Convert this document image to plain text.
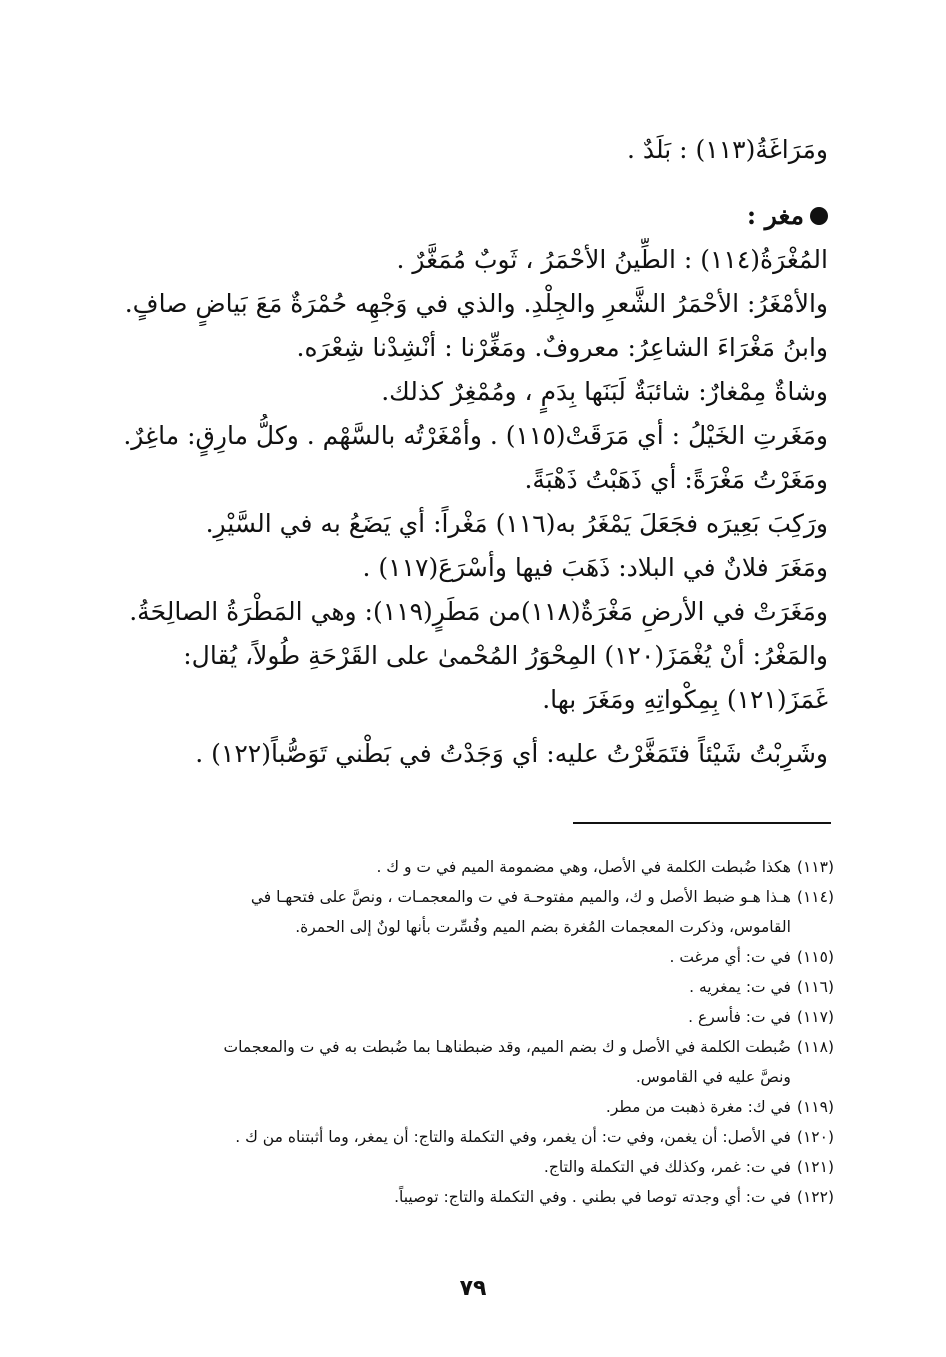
ومَرَاغَةُ(١١٣) : بَلَدٌ .
مغر :
المُغْرَةُ(١١٤) : الطِّينُ الأحْمَرُ ، ثَوبٌ مُمَغَّرٌ .
والأمْغَرُ: الأحْمَرُ الشَّعرِ والجِلْدِ. والذي في وَجْهِه حُمْرَةٌ مَعَ بَياضٍ صافٍ.
وابنُ مَغْرَاءَ الشاعِرُ: معروفٌ. ومَغِّرْنا : أنْشِدْنا شِعْرَه.
وشاةٌ مِمْغارٌ: شائبَةٌ لَبَنَها بِدَمٍ ، ومُمْغِرٌ كذلك.
ومَغَرتِ الخَيْلُ : أي مَرَقَتْ(١١٥) . وأمْغَرْتُه بالسَّهْم . وكلُّ مارِقٍ: ماغِرٌ.
ومَغَرْتُ مَغْرَةً: أي ذَهَبْتُ ذَهْبَةً.
ورَكِبَ بَعِيرَه فجَعَلَ يَمْغَرُ به(١١٦) مَغْراً: أي يَضَعُ به في السَّيْرِ.
ومَغَرَ فلانٌ في البلاد: ذَهَبَ فيها وأسْرَعَ(١١٧) .
ومَغَرَتْ في الأرضِ مَغْرَةٌ(١١٨)من مَطَرٍ(١١٩): وهي المَطْرَةُ الصالِحَةُ.
والمَغْرُ: أنْ يُغْمَزَ(١٢٠) المِحْوَرُ المُحْمىٰ على القَرْحَةِ طُولاً، يُقال:
غَمَزَ(١٢١) بِمِكْواتِهِ ومَغَرَ بها.
وشَرِبْتُ شَيْئاً فتَمَغَّرْتُ عليه: أي وَجَدْتُ في بَطْني تَوَصُّباً(١٢٢) .
(١١٣)
هكذا ضُبطت الكلمة في الأصل، وهي مضمومة الميم في ت و ك .
(١١٤)
هـذا هـو ضبط الأصل و ك، والميم مفتوحـة في ت والمعجمـات ، ونصَّ على فتحهـا في
القاموس، وذكرت المعجمات المُغرة بضم الميم وفُسِّرت بأنها لونٌ إلى الحمرة.
(١١٥)
في ت: أي مرغت .
(١١٦)
في ت: يمغريه .
(١١٧)
في ت: فأسرع .
(١١٨)
ضُبطت الكلمة في الأصل و ك بضم الميم، وقد ضبطناهـا بما ضُبطت به في ت والمعجمات
ونصَّ عليه في القاموس.
(١١٩)
في ك: مغرة ذهبت من مطر.
(١٢٠)
في الأصل: أن يغمن، وفي ت: أن يغمر، وفي التكملة والتاج: أن يمغر، وما أثبتناه من ك .
(١٢١)
في ت: غمر، وكذلك في التكملة والتاج.
(١٢٢)
في ت: أي وجدته توصا في بطني . وفي التكملة والتاج: توصيباً.
٧٩
